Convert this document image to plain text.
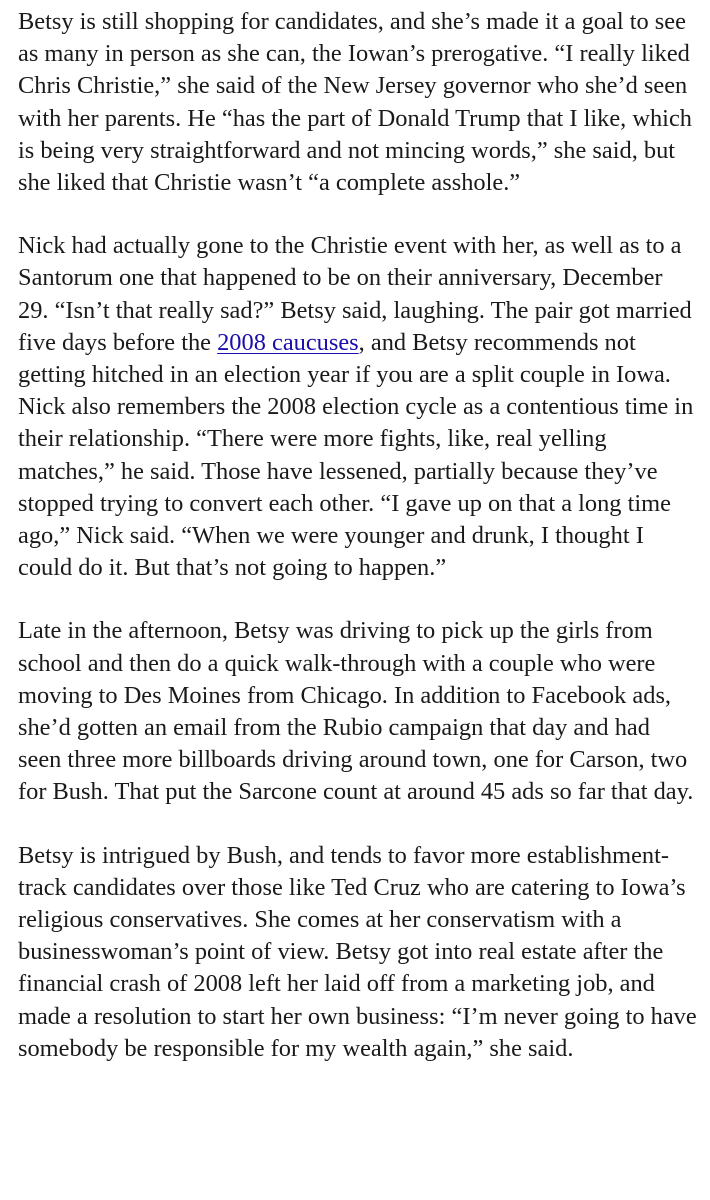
Betsy is still shopping for candidates, and she’s made it a goal to see as many in person as she can, the Iowan’s prerogative. “I really liked Chris Christie,” she said of the New Jersey governor who she’d seen with her parents. He “has the part of Donald Trump that I like, which is being very straightforward and not mincing words,” she said, but she liked that Christie wasn’t “a complete asshole.”

Nick had actually gone to the Christie event with her, as well as to a Santorum one that happened to be on their anniversary, December 29. “Isn’t that really sad?” Betsy said, laughing. The pair got married five days before the 2008 caucuses, and Betsy recommends not getting hitched in an election year if you are a split couple in Iowa. Nick also remembers the 2008 election cycle as a contentious time in their relationship. “There were more fights, like, real yelling matches,” he said. Those have lessened, partially because they’ve stopped trying to convert each other. “I gave up on that a long time ago,” Nick said. “When we were younger and drunk, I thought I could do it. But that’s not going to happen.”

Late in the afternoon, Betsy was driving to pick up the girls from school and then do a quick walk-through with a couple who were moving to Des Moines from Chicago. In addition to Facebook ads, she’d gotten an email from the Rubio campaign that day and had seen three more billboards driving around town, one for Carson, two for Bush. That put the Sarcone count at around 45 ads so far that day.

Betsy is intrigued by Bush, and tends to favor more establishment-track candidates over those like Ted Cruz who are catering to Iowa’s religious conservatives. She comes at her conservatism with a businesswoman’s point of view. Betsy got into real estate after the financial crash of 2008 left her laid off from a marketing job, and made a resolution to start her own business: “I’m never going to have somebody be responsible for my wealth again,” she said.
